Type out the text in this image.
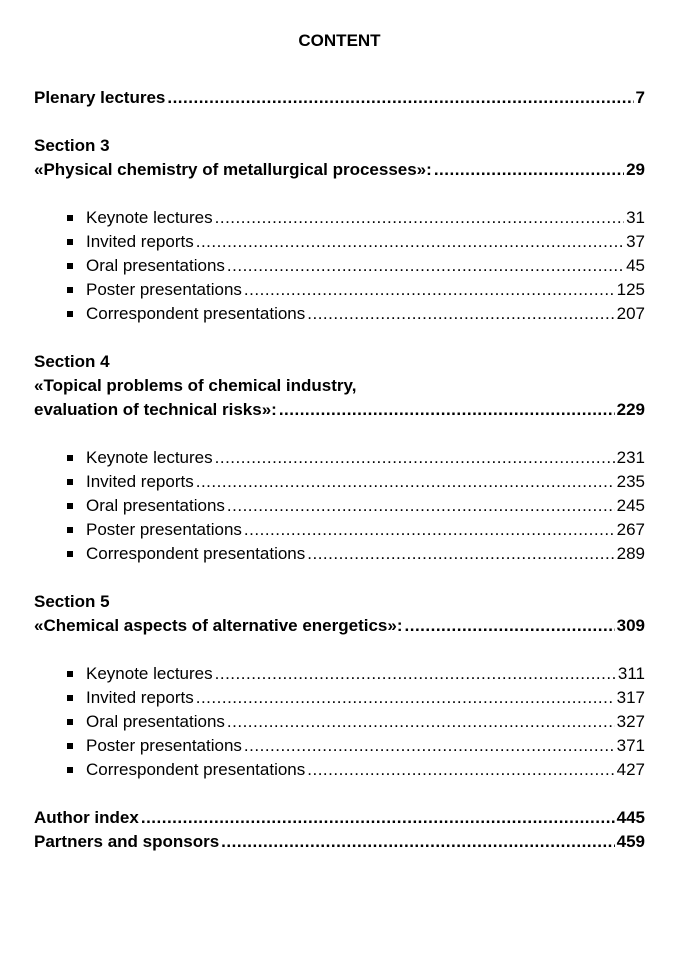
CONTENT
Plenary lectures .....	7
Section 3
«Physical chemistry of metallurgical processes»: .....	29
Keynote lectures .....	31
Invited reports .....	37
Oral presentations .....	45
Poster presentations .....	125
Correspondent presentations .....	207
Section 4
«Topical problems of chemical industry,
evaluation of technical risks»: .....	229
Keynote lectures .....	231
Invited reports .....	235
Oral presentations .....	245
Poster presentations .....	267
Correspondent presentations .....	289
Section 5
«Chemical aspects of alternative energetics»: .....	309
Keynote lectures .....	311
Invited reports .....	317
Oral presentations .....	327
Poster presentations .....	371
Correspondent presentations .....	427
Author index .....	445
Partners and sponsors .....	459
